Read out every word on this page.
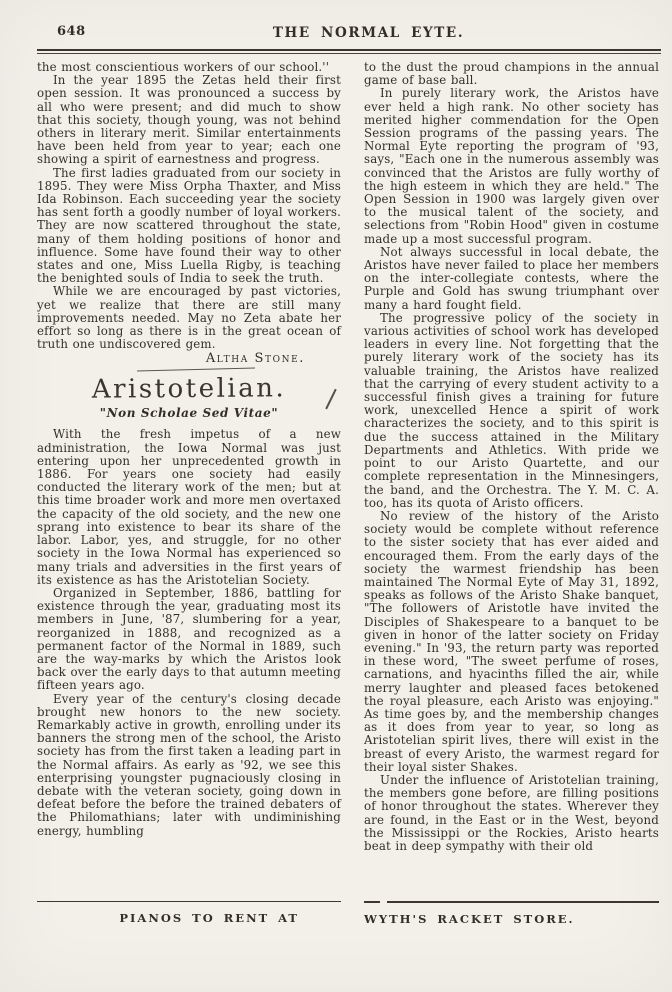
648	THE NORMAL EYTE.

the most conscientious workers of our school.''

In the year 1895 the Zetas held their first open session. It was pronounced a success by all who were present; and did much to show that this society, though young, was not behind others in literary merit. Similar entertainments have been held from year to year; each one showing a spirit of earnestness and progress.

The first ladies graduated from our society in 1895. They were Miss Orpha Thaxter, and Miss Ida Robinson. Each succeeding year the society has sent forth a goodly number of loyal workers. They are now scattered throughout the state, many of them holding positions of honor and influence. Some have found their way to other states and one, Miss Luella Rigby, is teaching the benighted souls of India to seek the truth.

While we are encouraged by past victories, yet we realize that there are still many improvements needed. May no Zeta abate her effort so long as there is in the great ocean of truth one undiscovered gem.

Altha Stone.
Aristotelian.
"Non Scholae Sed Vitae"

With the fresh impetus of a new administration, the Iowa Normal was just entering upon her unprecedented growth in 1886. For years one society had easily conducted the literary work of the men; but at this time broader work and more men overtaxed the capacity of the old society, and the new one sprang into existence to bear its share of the labor. Labor, yes, and struggle, for no other society in the Iowa Normal has experienced so many trials and adversities in the first years of its existence as has the Aristotelian Society.

Organized in September, 1886, battling for existence through the year, graduating most its members in June, '87, slumbering for a year, reorganized in 1888, and recognized as a permanent factor of the Normal in 1889, such are the way-marks by which the Aristos look back over the early days to that autumn meeting fifteen years ago.

Every year of the century's closing decade brought new honors to the new society. Remarkably active in growth, enrolling under its banners the strong men of the school, the Aristo society has from the first taken a leading part in the Normal affairs. As early as '92, we see this enterprising youngster pugnaciously closing in debate with the veteran society, going down in defeat before the before the trained debaters of the Philomathians; later with undiminishing energy, humbling

to the dust the proud champions in the annual game of base ball.

In purely literary work, the Aristos have ever held a high rank. No other society has merited higher commendation for the Open Session programs of the passing years. The Normal Eyte reporting the program of '93, says, "Each one in the numerous assembly was convinced that the Aristos are fully worthy of the high esteem in which they are held." The Open Session in 1900 was largely given over to the musical talent of the society, and selections from "Robin Hood" given in costume made up a most successful program.

Not always successful in local debate, the Aristos have never failed to place her members on the inter-collegiate contests, where the Purple and Gold has swung triumphant over many a hard fought field.

The progressive policy of the society in various activities of school work has developed leaders in every line. Not forgetting that the purely literary work of the society has its valuable training, the Aristos have realized that the carrying of every student activity to a successful finish gives a training for future work, unexcelled Hence a spirit of work characterizes the society, and to this spirit is due the success attained in the Military Departments and Athletics. With pride we point to our Aristo Quartette, and our complete representation in the Minnesingers, the band, and the Orchestra. The Y. M. C. A. too, has its quota of Aristo officers.

No review of the history of the Aristo society would be complete without reference to the sister society that has ever aided and encouraged them. From the early days of the society the warmest friendship has been maintained The Normal Eyte of May 31, 1892, speaks as follows of the Aristo Shake banquet, "The followers of Aristotle have invited the Disciples of Shakespeare to a banquet to be given in honor of the latter society on Friday evening." In '93, the return party was reported in these word, "The sweet perfume of roses, carnations, and hyacinths filled the air, while merry laughter and pleased faces betokened the royal pleasure, each Aristo was enjoying." As time goes by, and the membership changes as it does from year to year, so long as Aristotelian spirit lives, there will exist in the breast of every Aristo, the warmest regard for their loyal sister Shakes.

Under the influence of Aristotelian training, the members gone before, are filling positions of honor throughout the states. Wherever they are found, in the East or in the West, beyond the Mississippi or the Rockies, Aristo hearts beat in deep sympathy with their old

PIANOS TO RENT AT	WYTH'S RACKET STORE.
